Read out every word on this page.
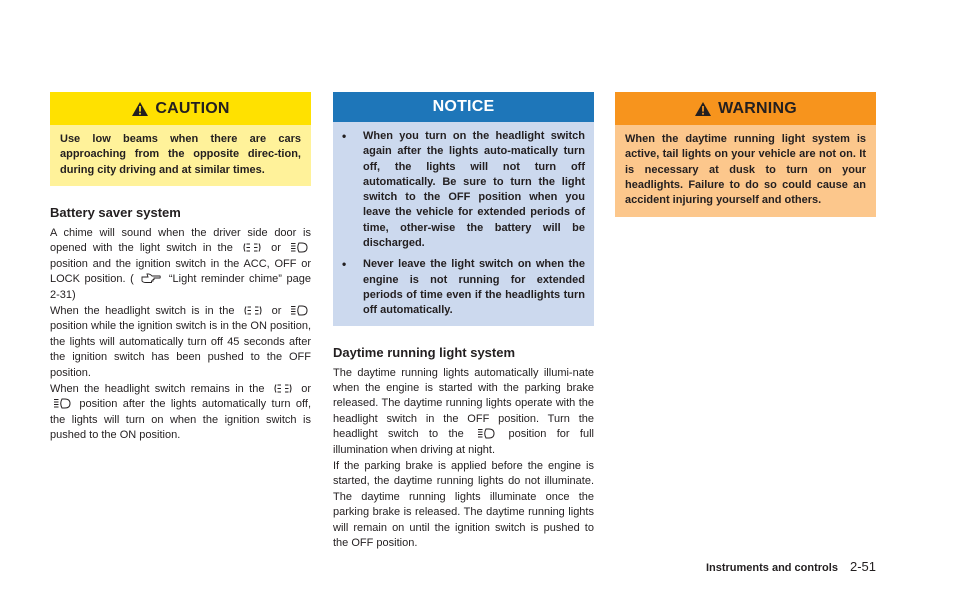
CAUTION
Use low beams when there are cars approaching from the opposite direc-tion, during city driving and at similar times.
Battery saver system

A chime will sound when the driver side door is opened with the light switch in the	or
position and the ignition switch in the ACC, OFF or LOCK position. (	“Light reminder chime” page 2-31)

When the headlight switch is in the	or
position while the ignition switch is in the ON position, the lights will automatically turn off 45 seconds after the ignition switch has been pushed to the OFF position.

When the headlight switch remains in the	or
position after the lights automatically turn off, the lights will turn on when the ignition switch is pushed to the ON position.

NOTICE
• When you turn on the headlight switch again after the lights auto-matically turn off, the lights will not turn off automatically. Be sure to turn the light switch to the OFF position when you leave the vehicle for extended periods of time, other-wise the battery will be discharged.
• Never leave the light switch on when the engine is not running for extended periods of time even if the headlights turn off automatically.
Daytime running light system

The daytime running lights automatically illumi-nate when the engine is started with the parking brake released. The daytime running lights operate with the headlight switch in the OFF position. Turn the headlight switch to the	position for full illumination when driving at night.

If the parking brake is applied before the engine is started, the daytime running lights do not illuminate. The daytime running lights illuminate once the parking brake is released. The daytime running lights will remain on until the ignition switch is pushed to the OFF position.

WARNING
When the daytime running light system is active, tail lights on your vehicle are not on. It is necessary at dusk to turn on your headlights. Failure to do so could cause an accident injuring yourself and others.
Instruments and controls 2-51
